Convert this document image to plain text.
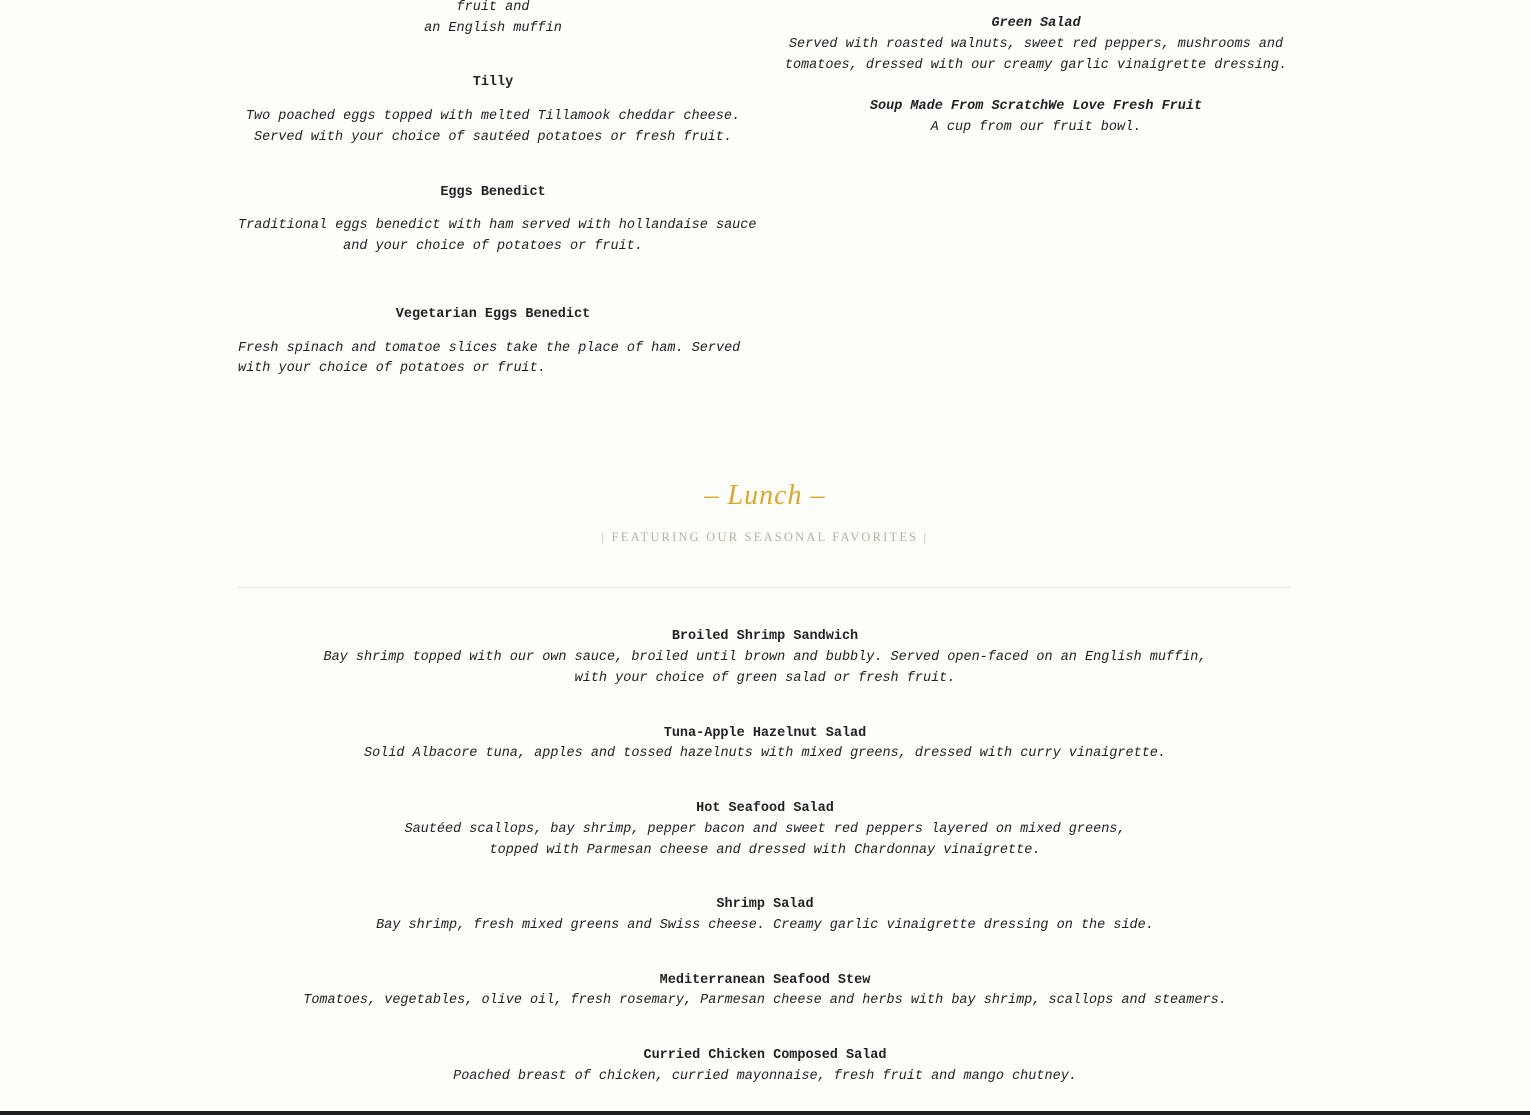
fruit and
an English muffin
Tilly
Two poached eggs topped with melted Tillamook cheddar cheese.
Served with your choice of sautéed potatoes or fresh fruit.
Eggs Benedict
Traditional eggs benedict with ham served with hollandaise sauce
and your choice of potatoes or fruit.
Vegetarian Eggs Benedict
Fresh spinach and tomatoe slices take the place of ham. Served
with your choice of potatoes or fruit.
Green Salad
Served with roasted walnuts, sweet red peppers, mushrooms and
tomatoes, dressed with our creamy garlic vinaigrette dressing.
Soup Made From ScratchWe Love Fresh Fruit
A cup from our fruit bowl.
– Lunch –
| FEATURING OUR SEASONAL FAVORITES |
Broiled Shrimp Sandwich
Bay shrimp topped with our own sauce, broiled until brown and bubbly. Served open-faced on an English muffin,
with your choice of green salad or fresh fruit.
Tuna-Apple Hazelnut Salad
Solid Albacore tuna, apples and tossed hazelnuts with mixed greens, dressed with curry vinaigrette.
Hot Seafood Salad
Sautéed scallops, bay shrimp, pepper bacon and sweet red peppers layered on mixed greens,
topped with Parmesan cheese and dressed with Chardonnay vinaigrette.
Shrimp Salad
Bay shrimp, fresh mixed greens and Swiss cheese. Creamy garlic vinaigrette dressing on the side.
Mediterranean Seafood Stew
Tomatoes, vegetables, olive oil, fresh rosemary, Parmesan cheese and herbs with bay shrimp, scallops and steamers.
Curried Chicken Composed Salad
Poached breast of chicken, curried mayonnaise, fresh fruit and mango chutney.
